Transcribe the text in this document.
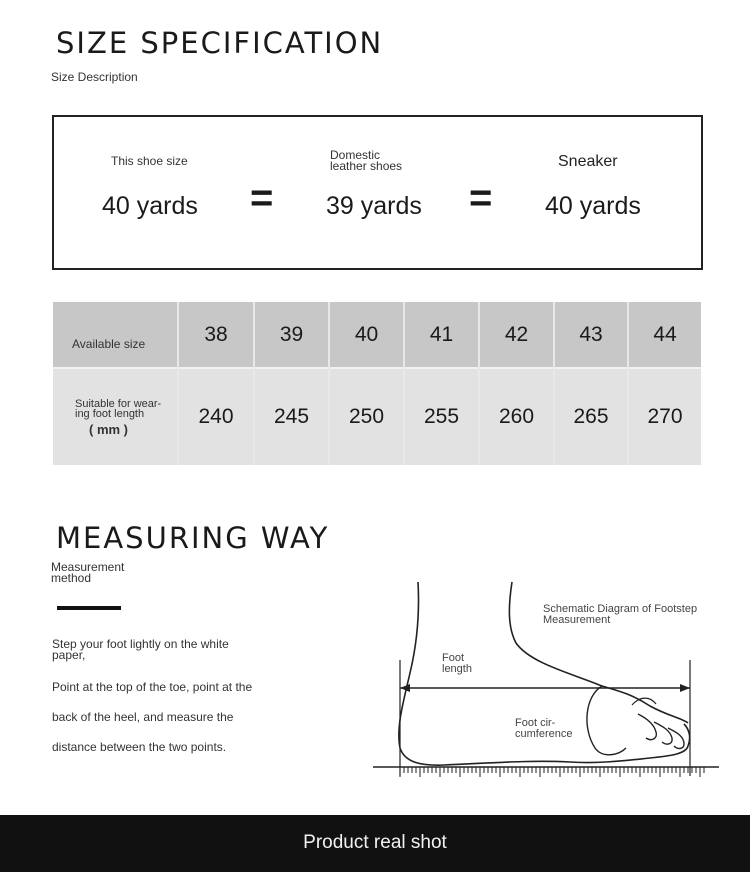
SIZE SPECIFICATION
Size Description
This shoe size
40 yards =
Domestic
leather shoes
39 yards =
Sneaker
40 yards
Available size	38	39	40	41	42	43	44

Suitable for wear-
ing foot length
( mm )	240	245	250	255	260	265	270
MEASURING WAY
Measurement
method
Step your foot lightly on the white
paper,
Point at the top of the toe, point at the
back of the heel, and measure the
distance between the two points.
Schematic Diagram of Footstep
Measurement
Foot
length
Foot cir-
cumference
Product real shot
